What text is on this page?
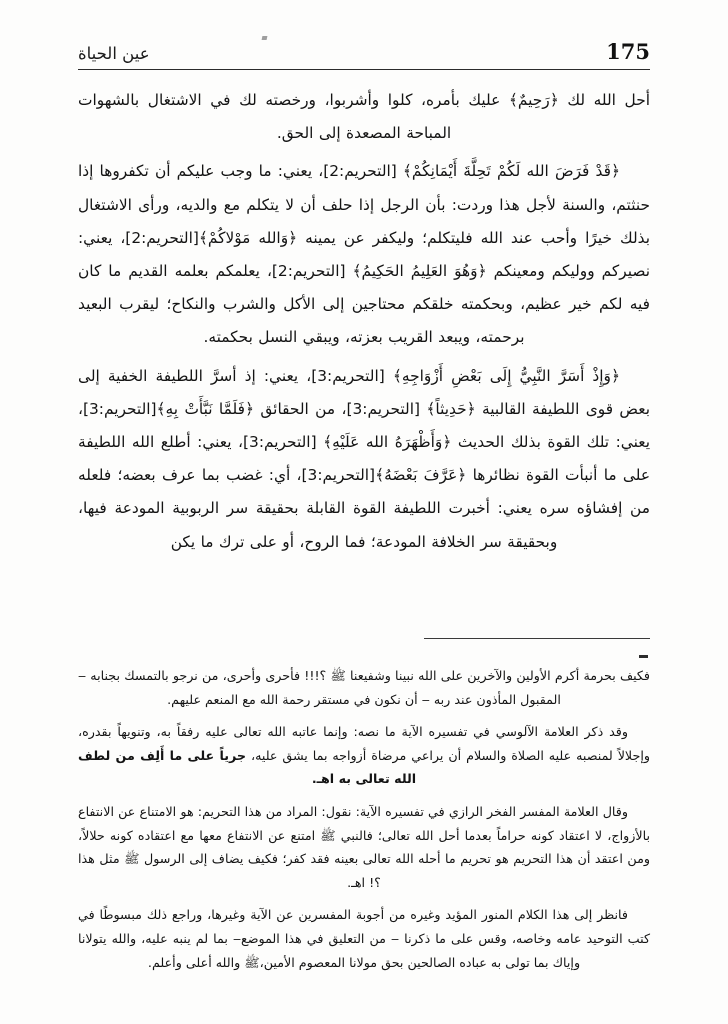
عين الحياة	175

أحل الله لك ﴿رَحِيمٌ﴾ عليك بأمره، كلوا وأشربوا، ورخصته لك في الاشتغال بالشهوات المباحة المصعدة إلى الحق.

﴿قَدْ فَرَضَ الله لَكُمْ تَحِلَّةَ أَيْمَانِكُمْ﴾ [التحريم:2]، يعني: ما وجب عليكم أن تكفروها إذا حنثتم، والسنة لأجل هذا وردت: بأن الرجل إذا حلف أن لا يتكلم مع والديه، ورأى الاشتغال بذلك خيرًا وأحب عند الله فليتكلم؛ وليكفر عن يمينه ﴿وَالله مَوْلاكُمْ﴾[التحريم:2]، يعني: نصيركم ووليكم ومعينكم ﴿وَهُوَ العَلِيمُ الحَكِيمُ﴾ [التحريم:2]، يعلمكم بعلمه القديم ما كان فيه لكم خير عظيم، وبحكمته خلقكم محتاجين إلى الأكل والشرب والنكاح؛ ليقرب البعيد برحمته، ويبعد القريب بعزته، ويبقي النسل بحكمته.

﴿وَإِذْ أَسَرَّ النَّبِيُّ إِلَى بَعْضِ أَزْوَاجِهِ﴾ [التحريم:3]، يعني: إذ أسرَّ اللطيفة الخفية إلى بعض قوى اللطيفة القالبية ﴿حَدِيثاً﴾ [التحريم:3]، من الحقائق ﴿فَلَمَّا نَبَّأَتْ بِهِ﴾[التحريم:3]، يعني: تلك القوة بذلك الحديث ﴿وَأَظْهَرَهُ الله عَلَيْهِ﴾ [التحريم:3]، يعني: أطلع الله اللطيفة على ما أنبأت القوة نظائرها ﴿عَرَّفَ بَعْضَهُ﴾[التحريم:3]، أي: غضب بما عرف بعضه؛ فلعله من إفشاؤه سره يعني: أخبرت اللطيفة القوة القابلة بحقيقة سر الربوبية المودعة فيها، وبحقيقة سر الخلافة المودعة؛ فما الروح، أو على ترك ما يكن

فكيف بحرمة أكرم الأولين والآخرين على الله نبينا وشفيعنا ﷺ ؟!!! فأحرى وأحرى، من نرجو بالتمسك بجنابه ‒ المقبول المأذون عند ربه ‒ أن نكون في مستقر رحمة الله مع المنعم عليهم.

وقد ذكر العلامة الآلوسي في تفسيره الآية ما نصه: وإنما عاتبه الله تعالى عليه رفقاً به، وتنويهاً بقدره، وإجلالاً لمنصبه عليه الصلاة والسلام أن يراعي مرضاة أزواجه بما يشق عليه، جرياً على ما أَلِف من لطف الله تعالى به اهـ.

وقال العلامة المفسر الفخر الرازي في تفسيره الآية: نقول: المراد من هذا التحريم: هو الامتناع عن الانتفاع بالأزواج، لا اعتقاد كونه حراماً بعدما أحل الله تعالى؛ فالنبي ﷺ امتنع عن الانتفاع معها مع اعتقاده كونه حلالاً، ومن اعتقد أن هذا التحريم هو تحريم ما أحله الله تعالى بعينه فقد كفر؛ فكيف يضاف إلى الرسول ﷺ مثل هذا ؟! اهـ.

فانظر إلى هذا الكلام المنور المؤيد وغيره من أجوبة المفسرين عن الآية وغيرها، وراجع ذلك مبسوطًا في كتب التوحيد عامه وخاصه، وقس على ما ذكرنا ‒ من التعليق في هذا الموضع‒ بما لم ينبه عليه، والله يتولانا وإياك بما تولى به عباده الصالحين بحق مولانا المعصوم الأمين،ﷺ والله أعلى وأعلم.
